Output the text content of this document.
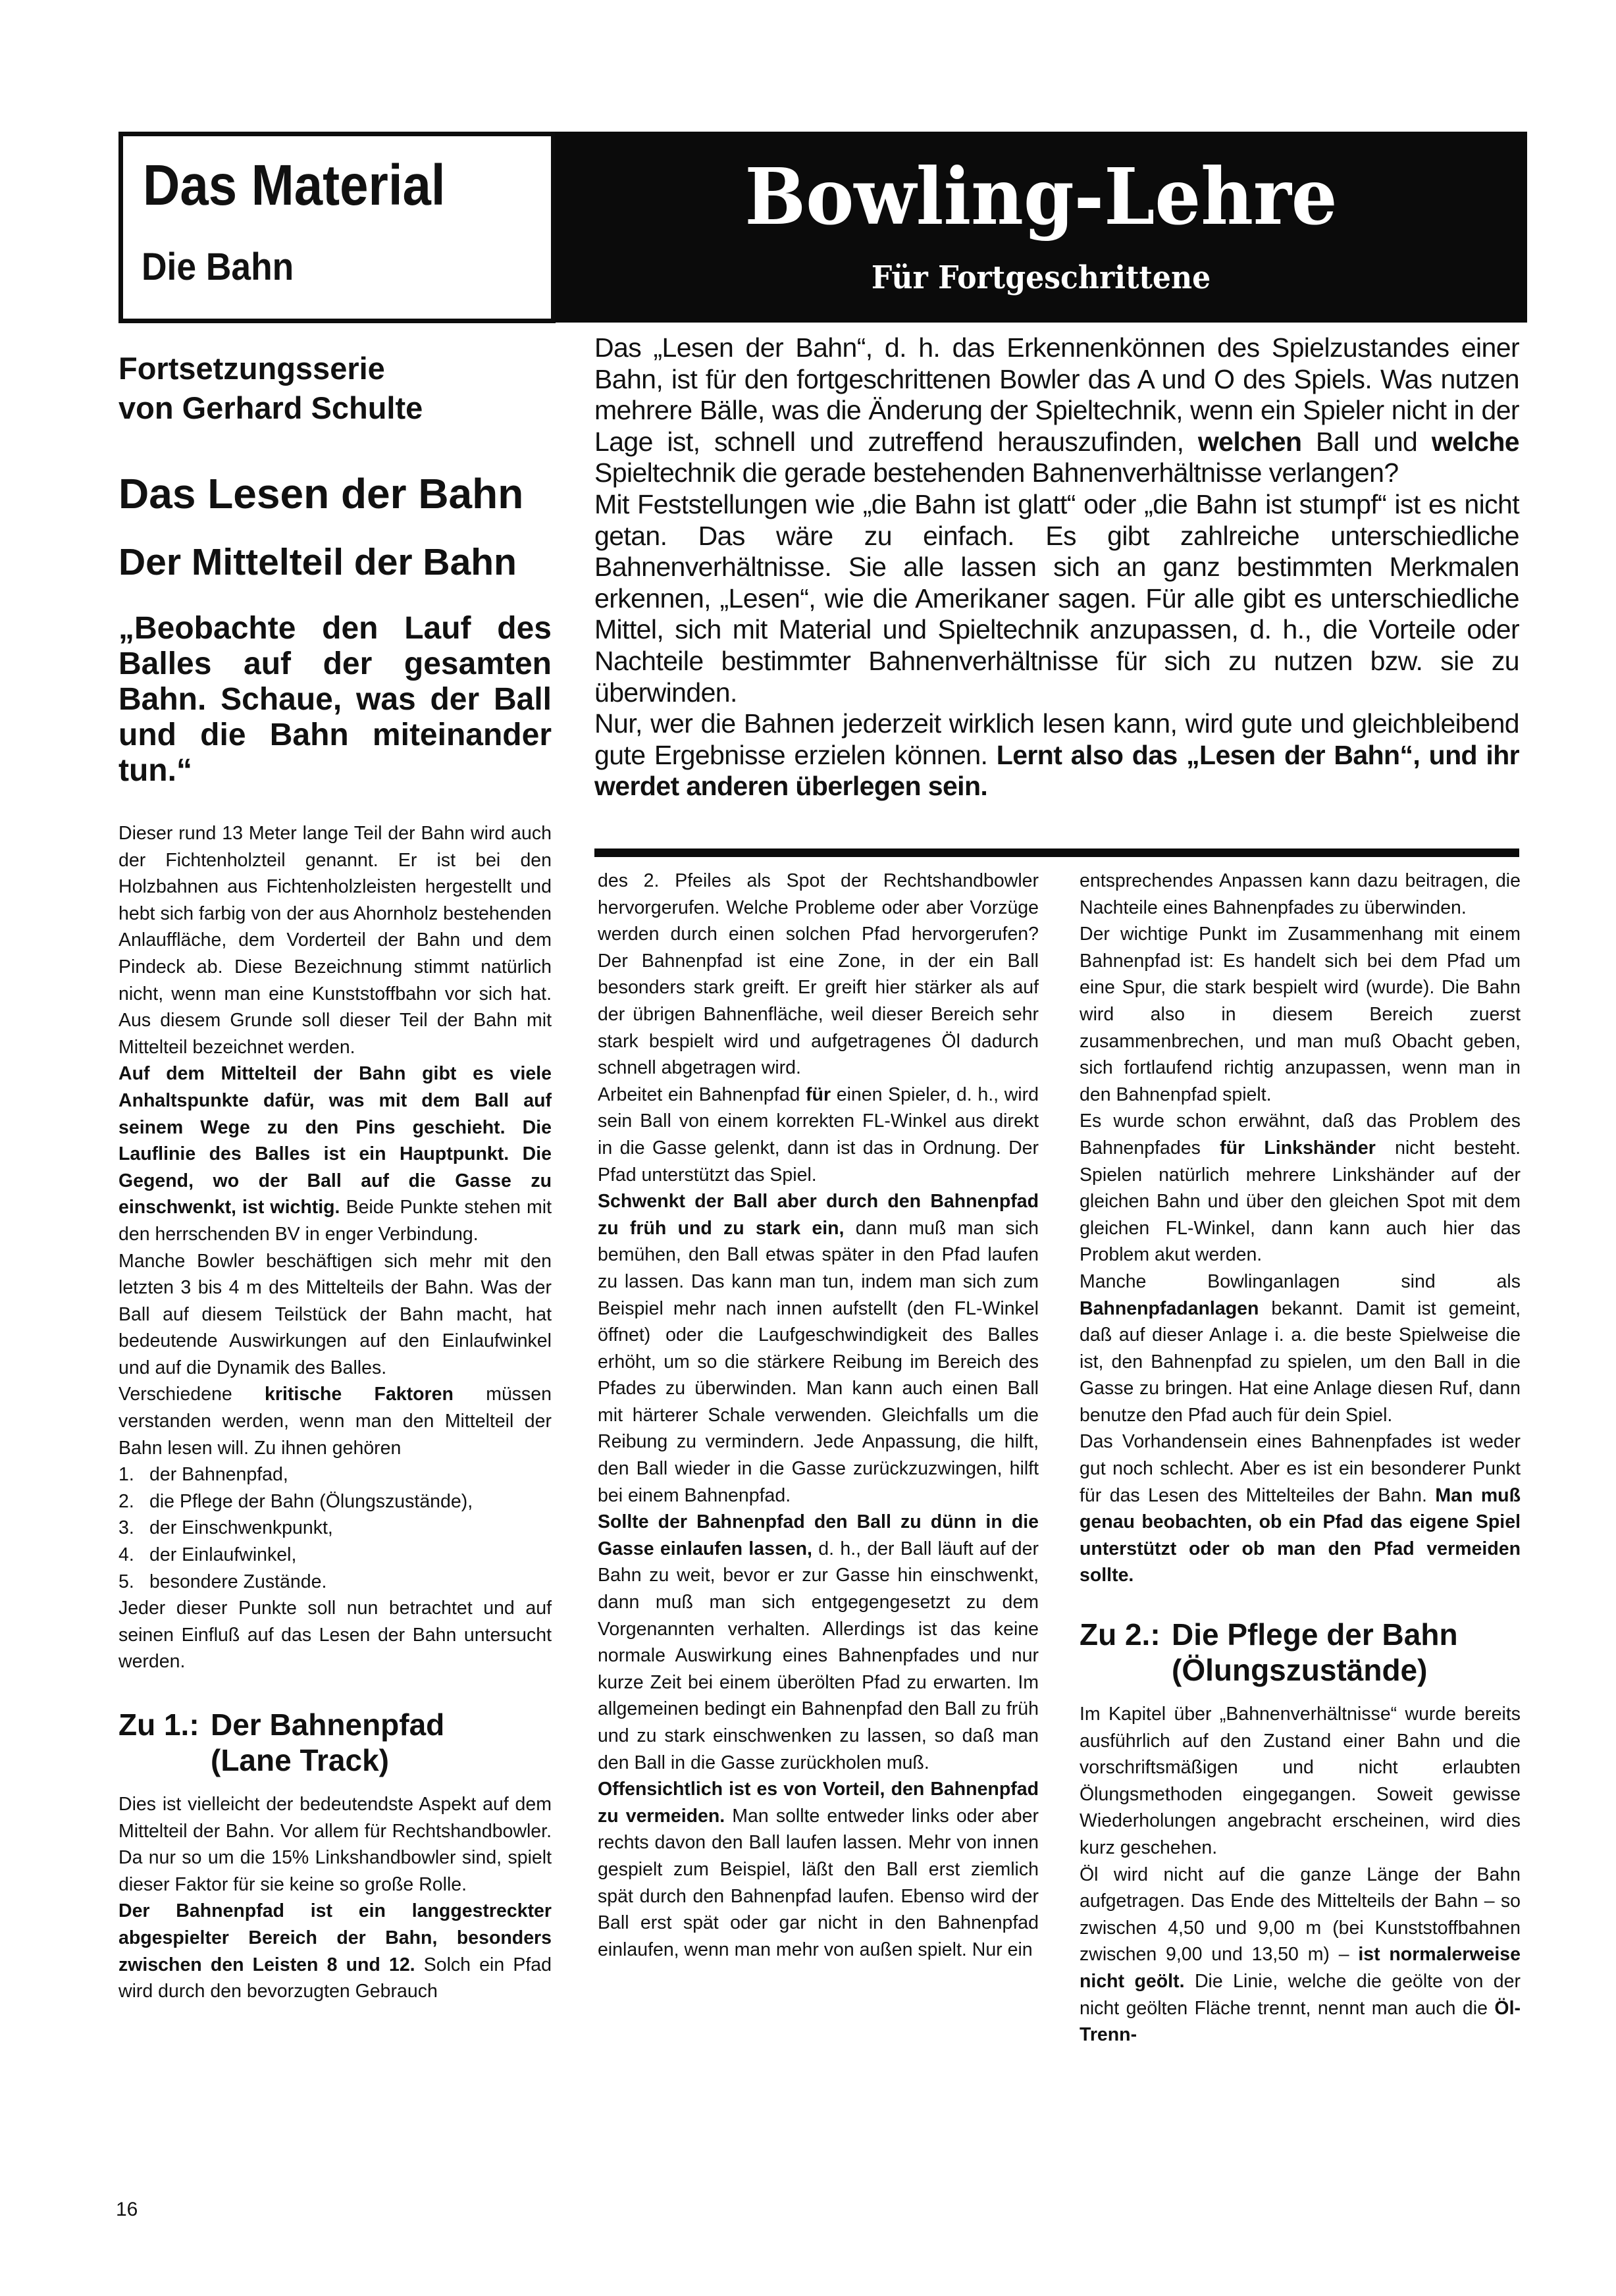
Das Material
Die Bahn
Bowling-Lehre
Für Fortgeschrittene

Fortsetzungsserie
von Gerhard Schulte

Das Lesen der Bahn
Der Mittelteil der Bahn

„Beobachte den Lauf des Balles auf der gesamten Bahn. Schaue, was der Ball und die Bahn miteinander tun.“

Dieser rund 13 Meter lange Teil der Bahn wird auch der Fichtenholzteil genannt. Er ist bei den Holzbahnen aus Fichtenholzleisten hergestellt und hebt sich farbig von der aus Ahornholz bestehenden Anlauffläche, dem Vorderteil der Bahn und dem Pindeck ab. Diese Bezeichnung stimmt natürlich nicht, wenn man eine Kunststoffbahn vor sich hat. Aus diesem Grunde soll dieser Teil der Bahn mit Mittelteil bezeichnet werden.

Auf dem Mittelteil der Bahn gibt es viele Anhaltspunkte dafür, was mit dem Ball auf seinem Wege zu den Pins geschieht. Die Lauflinie des Balles ist ein Hauptpunkt. Die Gegend, wo der Ball auf die Gasse zu einschwenkt, ist wichtig. Beide Punkte stehen mit den herrschenden BV in enger Verbindung.

Manche Bowler beschäftigen sich mehr mit den letzten 3 bis 4 m des Mittelteils der Bahn. Was der Ball auf diesem Teilstück der Bahn macht, hat bedeutende Auswirkungen auf den Einlaufwinkel und auf die Dynamik des Balles.

Verschiedene kritische Faktoren müssen verstanden werden, wenn man den Mittelteil der Bahn lesen will. Zu ihnen gehören

1. der Bahnenpfad,
2. die Pflege der Bahn (Ölungszustände),
3. der Einschwenkpunkt,
4. der Einlaufwinkel,
5. besondere Zustände.

Jeder dieser Punkte soll nun betrachtet und auf seinen Einfluß auf das Lesen der Bahn untersucht werden.

Zu 1.: Der Bahnenpfad
(Lane Track)

Dies ist vielleicht der bedeutendste Aspekt auf dem Mittelteil der Bahn. Vor allem für Rechtshandbowler. Da nur so um die 15% Linkshandbowler sind, spielt dieser Faktor für sie keine so große Rolle.

Der Bahnenpfad ist ein langgestreckter abgespielter Bereich der Bahn, besonders zwischen den Leisten 8 und 12. Solch ein Pfad wird durch den bevorzugten Gebrauch

Das „Lesen der Bahn“, d. h. das Erkennenkönnen des Spielzustandes einer Bahn, ist für den fortgeschrittenen Bowler das A und O des Spiels. Was nutzen mehrere Bälle, was die Änderung der Spieltechnik, wenn ein Spieler nicht in der Lage ist, schnell und zutreffend herauszufinden, welchen Ball und welche Spieltechnik die gerade bestehenden Bahnenverhältnisse verlangen?

Mit Feststellungen wie „die Bahn ist glatt“ oder „die Bahn ist stumpf“ ist es nicht getan. Das wäre zu einfach. Es gibt zahlreiche unterschiedliche Bahnenverhältnisse. Sie alle lassen sich an ganz bestimmten Merkmalen erkennen, „Lesen“, wie die Amerikaner sagen. Für alle gibt es unterschiedliche Mittel, sich mit Material und Spieltechnik anzupassen, d. h., die Vorteile oder Nachteile bestimmter Bahnenverhältnisse für sich zu nutzen bzw. sie zu überwinden.

Nur, wer die Bahnen jederzeit wirklich lesen kann, wird gute und gleichbleibend gute Ergebnisse erzielen können. Lernt also das „Lesen der Bahn“, und ihr werdet anderen überlegen sein.

des 2. Pfeiles als Spot der Rechtshandbowler hervorgerufen. Welche Probleme oder aber Vorzüge werden durch einen solchen Pfad hervorgerufen? Der Bahnenpfad ist eine Zone, in der ein Ball besonders stark greift. Er greift hier stärker als auf der übrigen Bahnenfläche, weil dieser Bereich sehr stark bespielt wird und aufgetragenes Öl dadurch schnell abgetragen wird.

Arbeitet ein Bahnenpfad für einen Spieler, d. h., wird sein Ball von einem korrekten FL-Winkel aus direkt in die Gasse gelenkt, dann ist das in Ordnung. Der Pfad unterstützt das Spiel.

Schwenkt der Ball aber durch den Bahnenpfad zu früh und zu stark ein, dann muß man sich bemühen, den Ball etwas später in den Pfad laufen zu lassen. Das kann man tun, indem man sich zum Beispiel mehr nach innen aufstellt (den FL-Winkel öffnet) oder die Laufgeschwindigkeit des Balles erhöht, um so die stärkere Reibung im Bereich des Pfades zu überwinden. Man kann auch einen Ball mit härterer Schale verwenden. Gleichfalls um die Reibung zu vermindern. Jede Anpassung, die hilft, den Ball wieder in die Gasse zurückzuzwingen, hilft bei einem Bahnenpfad.

Sollte der Bahnenpfad den Ball zu dünn in die Gasse einlaufen lassen, d. h., der Ball läuft auf der Bahn zu weit, bevor er zur Gasse hin einschwenkt, dann muß man sich entgegengesetzt zu dem Vorgenannten verhalten. Allerdings ist das keine normale Auswirkung eines Bahnenpfades und nur kurze Zeit bei einem überölten Pfad zu erwarten. Im allgemeinen bedingt ein Bahnenpfad den Ball zu früh und zu stark einschwenken zu lassen, so daß man den Ball in die Gasse zurückholen muß.

Offensichtlich ist es von Vorteil, den Bahnenpfad zu vermeiden. Man sollte entweder links oder aber rechts davon den Ball laufen lassen. Mehr von innen gespielt zum Beispiel, läßt den Ball erst ziemlich spät durch den Bahnenpfad laufen. Ebenso wird der Ball erst spät oder gar nicht in den Bahnenpfad einlaufen, wenn man mehr von außen spielt. Nur ein

entsprechendes Anpassen kann dazu beitragen, die Nachteile eines Bahnenpfades zu überwinden.

Der wichtige Punkt im Zusammenhang mit einem Bahnenpfad ist: Es handelt sich bei dem Pfad um eine Spur, die stark bespielt wird (wurde). Die Bahn wird also in diesem Bereich zuerst zusammenbrechen, und man muß Obacht geben, sich fortlaufend richtig anzupassen, wenn man in den Bahnenpfad spielt.

Es wurde schon erwähnt, daß das Problem des Bahnenpfades für Linkshänder nicht besteht. Spielen natürlich mehrere Linkshänder auf der gleichen Bahn und über den gleichen Spot mit dem gleichen FL-Winkel, dann kann auch hier das Problem akut werden.

Manche Bowlinganlagen sind als Bahnenpfadanlagen bekannt. Damit ist gemeint, daß auf dieser Anlage i. a. die beste Spielweise die ist, den Bahnenpfad zu spielen, um den Ball in die Gasse zu bringen. Hat eine Anlage diesen Ruf, dann benutze den Pfad auch für dein Spiel.

Das Vorhandensein eines Bahnenpfades ist weder gut noch schlecht. Aber es ist ein besonderer Punkt für das Lesen des Mittelteiles der Bahn. Man muß genau beobachten, ob ein Pfad das eigene Spiel unterstützt oder ob man den Pfad vermeiden sollte.

Zu 2.: Die Pflege der Bahn
(Ölungszustände)

Im Kapitel über „Bahnenverhältnisse“ wurde bereits ausführlich auf den Zustand einer Bahn und die vorschriftsmäßigen und nicht erlaubten Ölungsmethoden eingegangen. Soweit gewisse Wiederholungen angebracht erscheinen, wird dies kurz geschehen.

Öl wird nicht auf die ganze Länge der Bahn aufgetragen. Das Ende des Mittelteils der Bahn – so zwischen 4,50 und 9,00 m (bei Kunststoffbahnen zwischen 9,00 und 13,50 m) – ist normalerweise nicht geölt. Die Linie, welche die geölte von der nicht geölten Fläche trennt, nennt man auch die Öl-Trenn-

16
